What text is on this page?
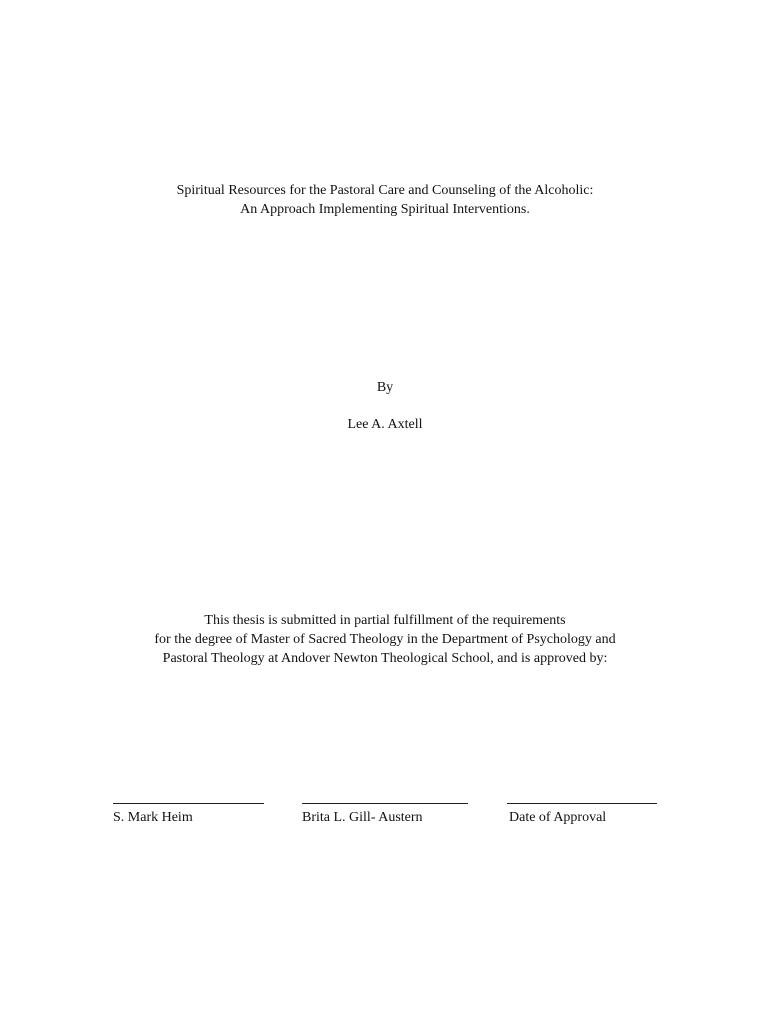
Spiritual Resources for the Pastoral Care and Counseling of the Alcoholic:
An Approach Implementing Spiritual Interventions.
By
Lee A. Axtell
This thesis is submitted in partial fulfillment of the requirements
for the degree of Master of Sacred Theology in the Department of Psychology and
Pastoral Theology at Andover Newton Theological School, and is approved by:
S. Mark Heim	Brita L. Gill- Austern	Date of Approval
